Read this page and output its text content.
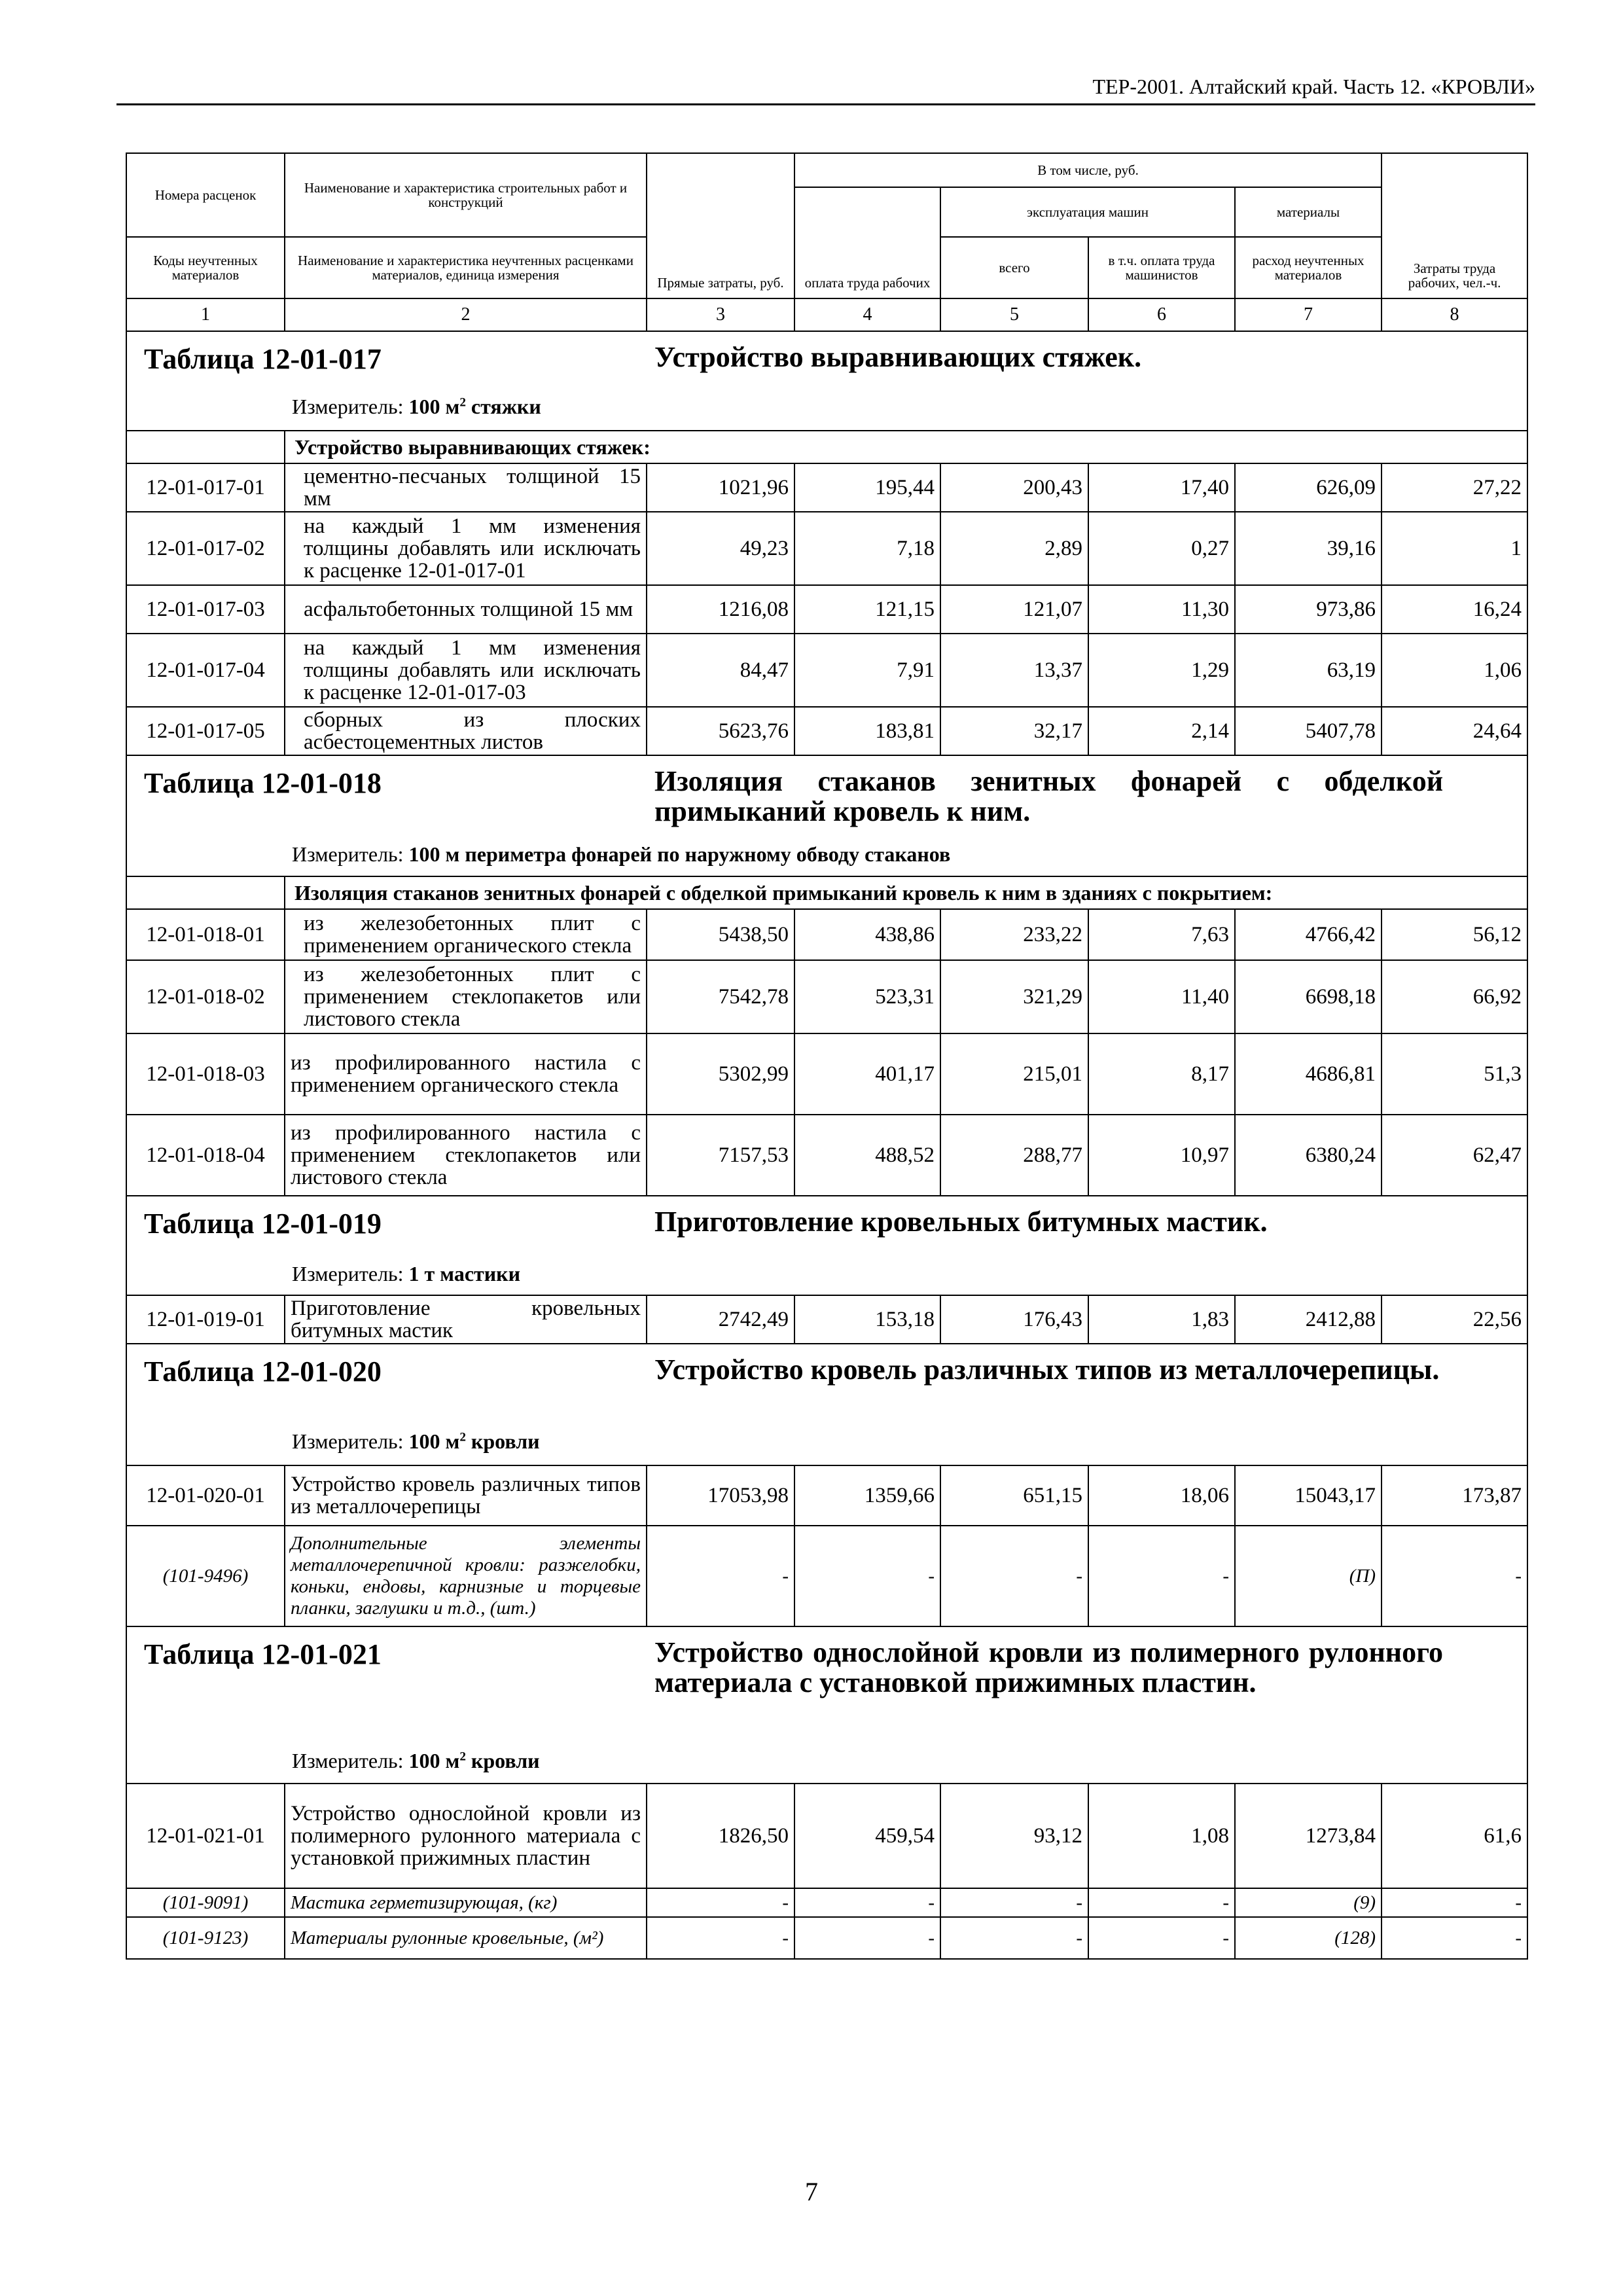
ТЕР-2001. Алтайский край. Часть 12. «КРОВЛИ»
Номера расценок	Наименование и характеристика строительных работ и конструкций	Прямые затраты, руб.	В том числе, руб.				Затраты труда рабочих, чел.-ч.
			оплата труда рабочих	эксплуатация машин		материалы	
Коды неучтенных материалов	Наименование и характеристика неучтенных расценками материалов, единица измерения			всего	в т.ч. оплата труда машинистов	расход неучтенных материалов	
1	2	3	4	5	6	7	8

Таблица 12-01-017 Устройство выравнивающих стяжек.
Измеритель: 100 $м^2$ стяжки							

	Устройство выравнивающих стяжек:						
12-01-017-01	цементно-песчаных толщиной 15 мм	1021,96	195,44	200,43	17,40	626,09	27,22
12-01-017-02	на каждый 1 мм изменения толщины добавлять или исключать к расценке 12-01-017-01	49,23	7,18	2,89	0,27	39,16	1
12-01-017-03	асфальтобетонных толщиной 15 мм	1216,08	121,15	121,07	11,30	973,86	16,24
12-01-017-04	на каждый 1 мм изменения толщины добавлять или исключать к расценке 12-01-017-03	84,47	7,91	13,37	1,29	63,19	1,06
12-01-017-05	сборных из плоских асбестоцементных листов	5623,76	183,81	32,17	2,14	5407,78	24,64

Таблица 12-01-018 Изоляция стаканов зенитных фонарей с обделкой примыканий кровель к ним.
Измеритель: 100 м периметра фонарей по наружному обводу стаканов							

	Изоляция стаканов зенитных фонарей с обделкой примыканий кровель к ним в зданиях с покрытием:						
12-01-018-01	из железобетонных плит с применением органического стекла	5438,50	438,86	233,22	7,63	4766,42	56,12
12-01-018-02	из железобетонных плит с применением стеклопакетов или листового стекла	7542,78	523,31	321,29	11,40	6698,18	66,92
12-01-018-03	из профилированного настила с применением органического стекла	5302,99	401,17	215,01	8,17	4686,81	51,3
12-01-018-04	из профилированного настила с применением стеклопакетов или листового стекла	7157,53	488,52	288,77	10,97	6380,24	62,47

Таблица 12-01-019 Приготовление кровельных битумных мастик.
Измеритель: 1 т мастики							

12-01-019-01	Приготовление кровельных битумных мастик	2742,49	153,18	176,43	1,83	2412,88	22,56

Таблица 12-01-020 Устройство кровель различных типов из металлочерепицы.
Измеритель: 100 $м^2$ кровли							

12-01-020-01	Устройство кровель различных типов из металлочерепицы	17053,98	1359,66	651,15	18,06	15043,17	173,87
(101-9496)	Дополнительные элементы металлочерепичной кровли: разжелобки, коньки, ендовы, карнизные и торцевые планки, заглушки и т.д., (шт.)	-	-	-	-	(П)	-

Таблица 12-01-021 Устройство однослойной кровли из полимерного рулонного материала с установкой прижимных пластин.
Измеритель: 100 $м^2$ кровли							

12-01-021-01	Устройство однослойной кровли из полимерного рулонного материала с установкой прижимных пластин	1826,50	459,54	93,12	1,08	1273,84	61,6
(101-9091)	Мастика герметизирующая, (кг)	-	-	-	-	(9)	-
(101-9123)	Материалы рулонные кровельные, (м²)	-	-	-	-	(128)	-
7
